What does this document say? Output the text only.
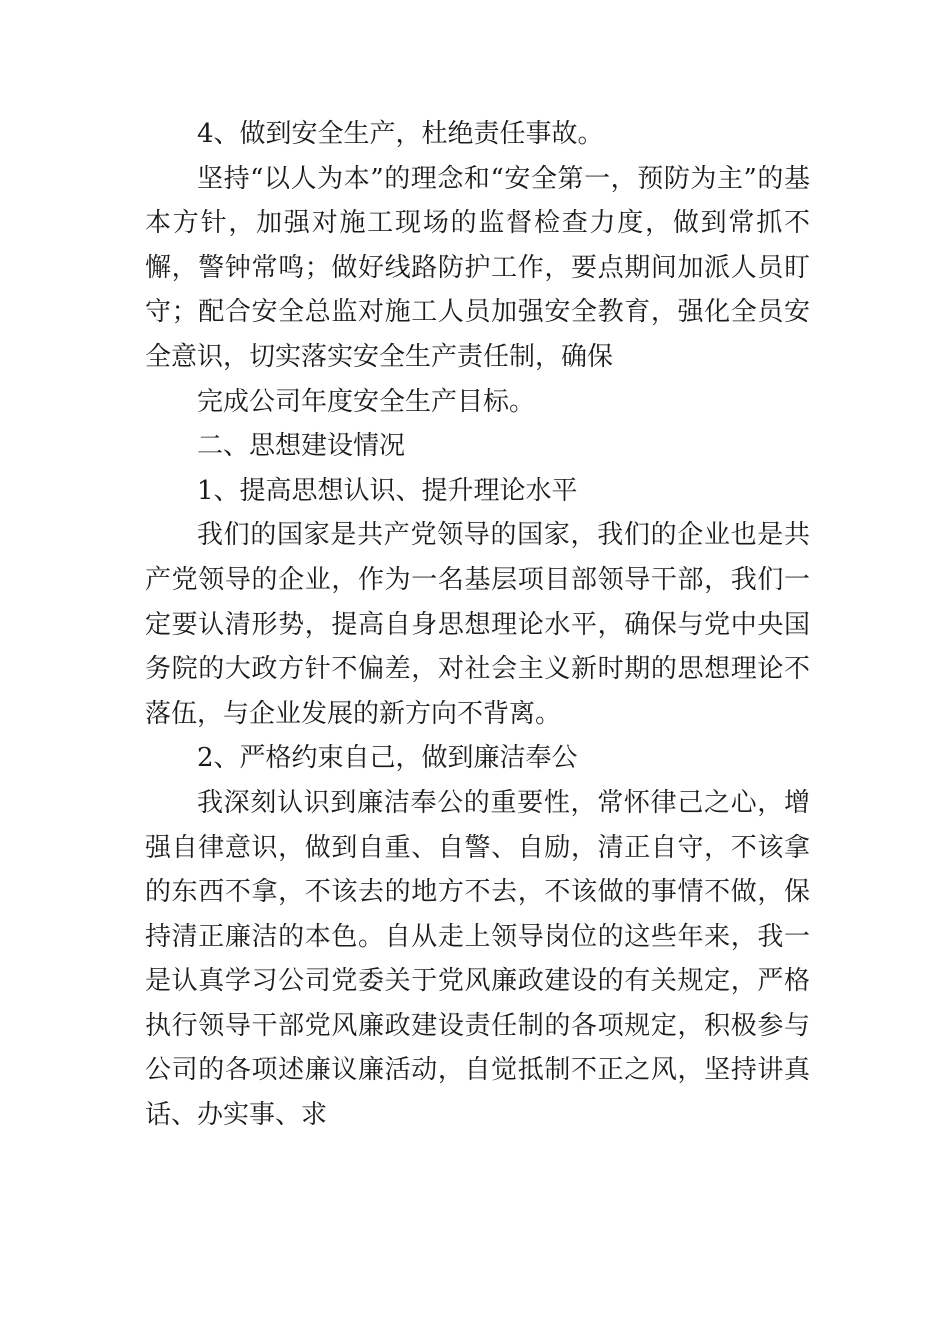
4、做到安全生产，杜绝责任事故。

坚持“以人为本”的理念和“安全第一，预防为主”的基本方针，加强对施工现场的监督检查力度，做到常抓不懈，警钟常鸣；做好线路防护工作，要点期间加派人员盯守；配合安全总监对施工人员加强安全教育，强化全员安全意识，切实落实安全生产责任制，确保

完成公司年度安全生产目标。

二、思想建设情况

1、提高思想认识、提升理论水平

我们的国家是共产党领导的国家，我们的企业也是共产党领导的企业，作为一名基层项目部领导干部，我们一定要认清形势，提高自身思想理论水平，确保与党中央国务院的大政方针不偏差，对社会主义新时期的思想理论不落伍，与企业发展的新方向不背离。

2、严格约束自己，做到廉洁奉公

我深刻认识到廉洁奉公的重要性，常怀律己之心，增强自律意识，做到自重、自警、自励，清正自守，不该拿的东西不拿，不该去的地方不去，不该做的事情不做，保持清正廉洁的本色。自从走上领导岗位的这些年来，我一是认真学习公司党委关于党风廉政建设的有关规定，严格执行领导干部党风廉政建设责任制的各项规定，积极参与公司的各项述廉议廉活动，自觉抵制不正之风，坚持讲真话、办实事、求
